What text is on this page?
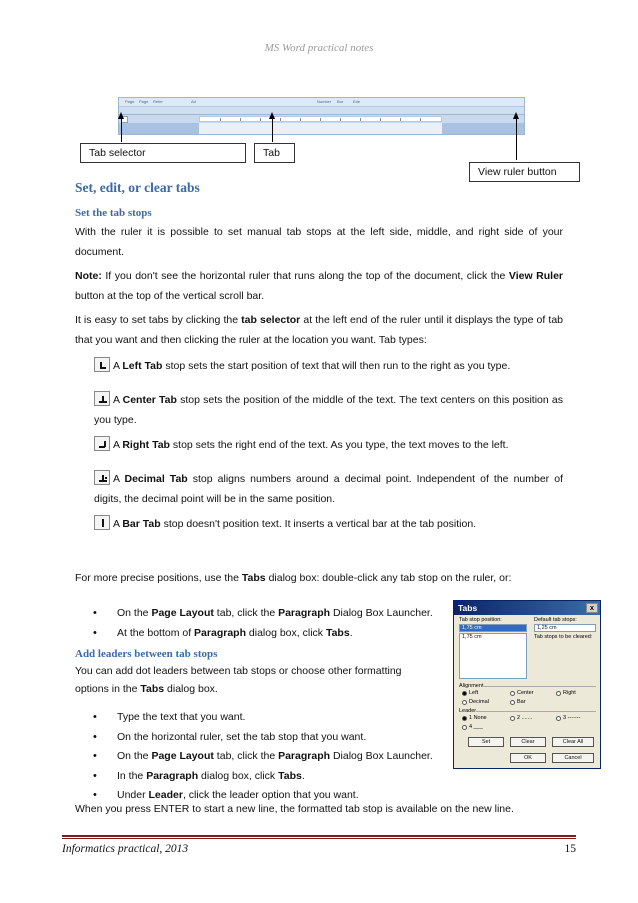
MS Word practical notes
Page Page Refer	Ad	Number Bor Ede
Tab selector	Tab
View ruler button
Set, edit, or clear tabs
Set the tab stops
With the ruler it is possible to set manual tab stops at the left side, middle, and right side of your document.
Note: If you don't see the horizontal ruler that runs along the top of the document, click the View Ruler button at the top of the vertical scroll bar.
It is easy to set tabs by clicking the tab selector at the left end of the ruler until it displays the type of tab that you want and then clicking the ruler at the location you want. Tab types:
A Left Tab stop sets the start position of text that will then run to the right as you type.
A Center Tab stop sets the position of the middle of the text. The text centers on this position as you type.
A Right Tab stop sets the right end of the text. As you type, the text moves to the left.
A Decimal Tab stop aligns numbers around a decimal point. Independent of the number of digits, the decimal point will be in the same position.
A Bar Tab stop doesn't position text. It inserts a vertical bar at the tab position.
For more precise positions, use the Tabs dialog box: double-click any tab stop on the ruler, or:
• On the Page Layout tab, click the Paragraph Dialog Box Launcher.
• At the bottom of Paragraph dialog box, click Tabs.
Add leaders between tab stops
You can add dot leaders between tab stops or choose other formatting
options in the Tabs dialog box.
• Type the text that you want.
• On the horizontal ruler, set the tab stop that you want.
• On the Page Layout tab, click the Paragraph Dialog Box Launcher.
• In the Paragraph dialog box, click Tabs.
• Under Leader, click the leader option that you want.
When you press ENTER to start a new line, the formatted tab stop is available on the new line.
Tabs	x
Tab stop position:
1,75 cm
1,75 cm
Default tab stops:
1,25 cm
Tab stops to be cleared:
Alignment
Left	Center	Right
Decimal	Bar
Leader
1 None	2 .......	3 -------
4 ___
Set	Clear	Clear All
OK	Cancel
Informatics practical, 2013	15
